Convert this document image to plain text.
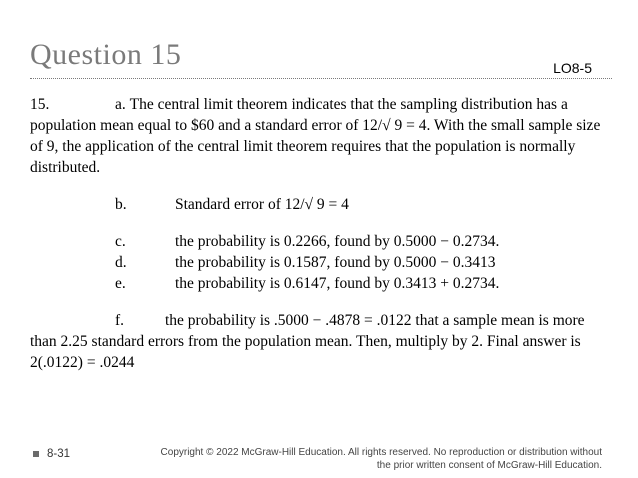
Question 15	LO8-5

15.	a.
The central limit theorem indicates that the sampling distribution has a
population mean equal to $60 and a standard error of 12/√ 9 = 4. With the small sample size of 9, the application of the central limit theorem requires that the population is normally distributed.

b.	Standard error of 12/√ 9 = 4
c.	the probability is 0.2266, found by 0.5000 − 0.2734.
d.	the probability is 0.1587, found by 0.5000 − 0.3413
e.	the probability is 0.6147, found by 0.3413 + 0.2734.

f.	the probability is .5000 − .4878 = .0122 that a sample mean is more
than 2.25 standard errors from the population mean. Then, multiply by 2. Final answer is 2(.0122) = .0244

8-31	Copyright © 2022 McGraw-Hill Education. All rights reserved. No reproduction or distribution without
the prior written consent of McGraw-Hill Education.
